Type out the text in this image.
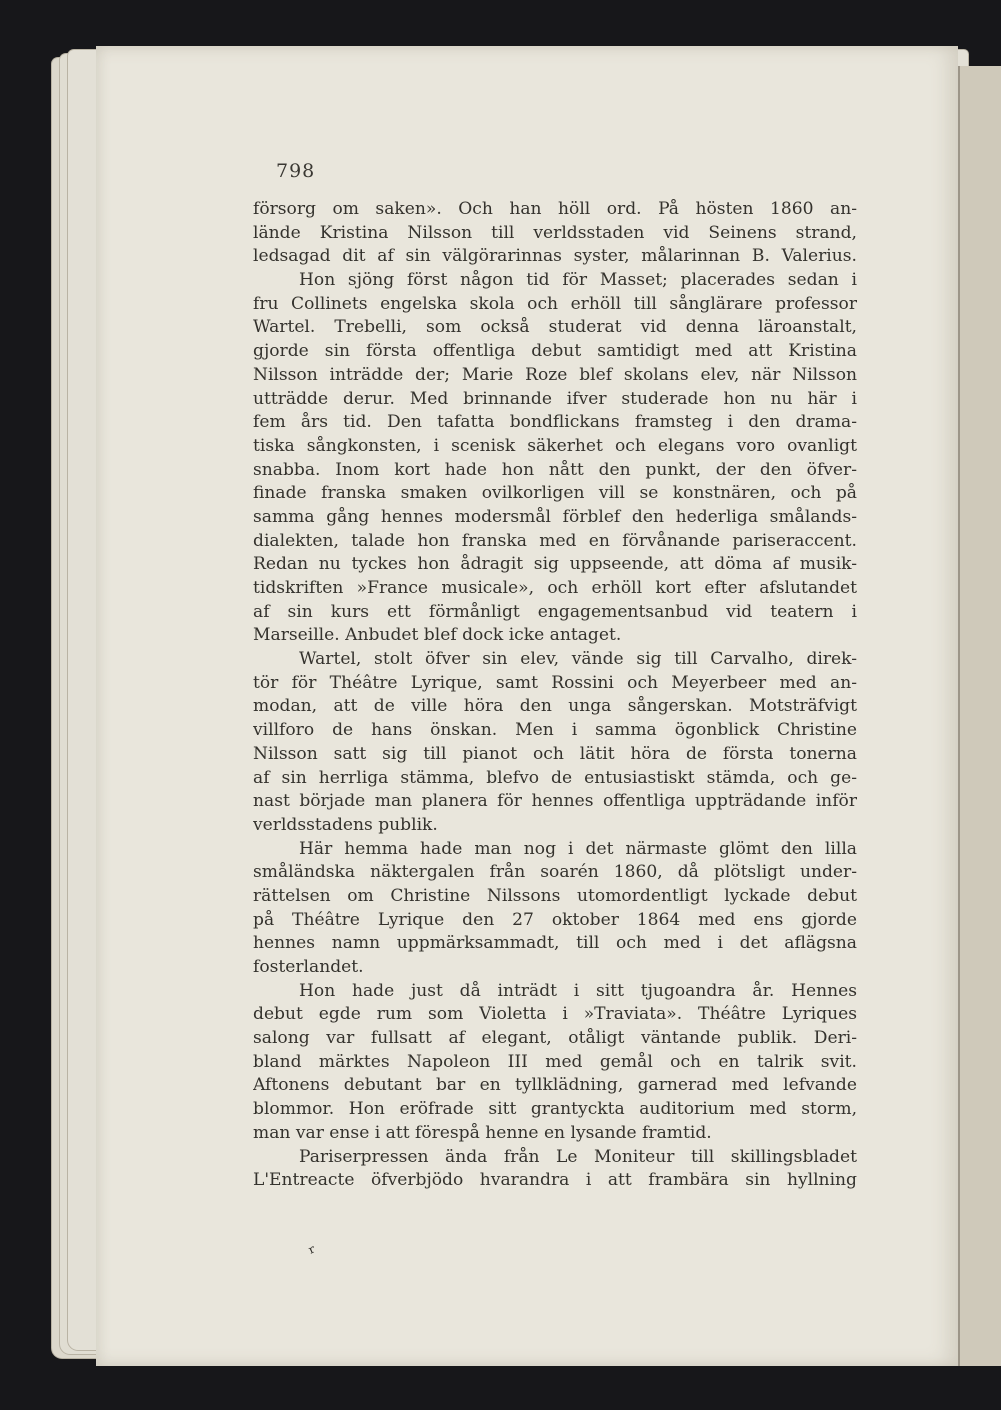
798
försorg om saken». Och han höll ord. På hösten 1860 an-
lände Kristina Nilsson till verldsstaden vid Seinens strand,
ledsagad dit af sin välgörarinnas syster, målarinnan B. Valerius.
Hon sjöng först någon tid för Masset; placerades sedan i
fru Collinets engelska skola och erhöll till sånglärare professor
Wartel. Trebelli, som också studerat vid denna läroanstalt,
gjorde sin första offentliga debut samtidigt med att Kristina
Nilsson inträdde der; Marie Roze blef skolans elev, när Nilsson
utträdde derur. Med brinnande ifver studerade hon nu här i
fem års tid. Den tafatta bondflickans framsteg i den drama-
tiska sångkonsten, i scenisk säkerhet och elegans voro ovanligt
snabba. Inom kort hade hon nått den punkt, der den öfver-
finade franska smaken ovilkorligen vill se konstnären, och på
samma gång hennes modersmål förblef den hederliga smålands-
dialekten, talade hon franska med en förvånande pariseraccent.
Redan nu tyckes hon ådragit sig uppseende, att döma af musik-
tidskriften »France musicale», och erhöll kort efter afslutandet
af sin kurs ett förmånligt engagementsanbud vid teatern i
Marseille. Anbudet blef dock icke antaget.
Wartel, stolt öfver sin elev, vände sig till Carvalho, direk-
tör för Théâtre Lyrique, samt Rossini och Meyerbeer med an-
modan, att de ville höra den unga sångerskan. Motsträfvigt
villforo de hans önskan. Men i samma ögonblick Christine
Nilsson satt sig till pianot och lätit höra de första tonerna
af sin herrliga stämma, blefvo de entusiastiskt stämda, och ge-
nast började man planera för hennes offentliga uppträdande inför
verldsstadens publik.
Här hemma hade man nog i det närmaste glömt den lilla
småländska näktergalen från soarén 1860, då plötsligt under-
rättelsen om Christine Nilssons utomordentligt lyckade debut
på Théâtre Lyrique den 27 oktober 1864 med ens gjorde
hennes namn uppmärksammadt, till och med i det aflägsna
fosterlandet.
Hon hade just då inträdt i sitt tjugoandra år. Hennes
debut egde rum som Violetta i »Traviata». Théâtre Lyriques
salong var fullsatt af elegant, otåligt väntande publik. Deri-
bland märktes Napoleon III med gemål och en talrik svit.
Aftonens debutant bar en tyllklädning, garnerad med lefvande
blommor. Hon eröfrade sitt grantyckta auditorium med storm,
man var ense i att förespå henne en lysande framtid.
Pariserpressen ända från Le Moniteur till skillingsbladet
L'Entreacte öfverbjödo hvarandra i att frambära sin hyllning
ʳ
